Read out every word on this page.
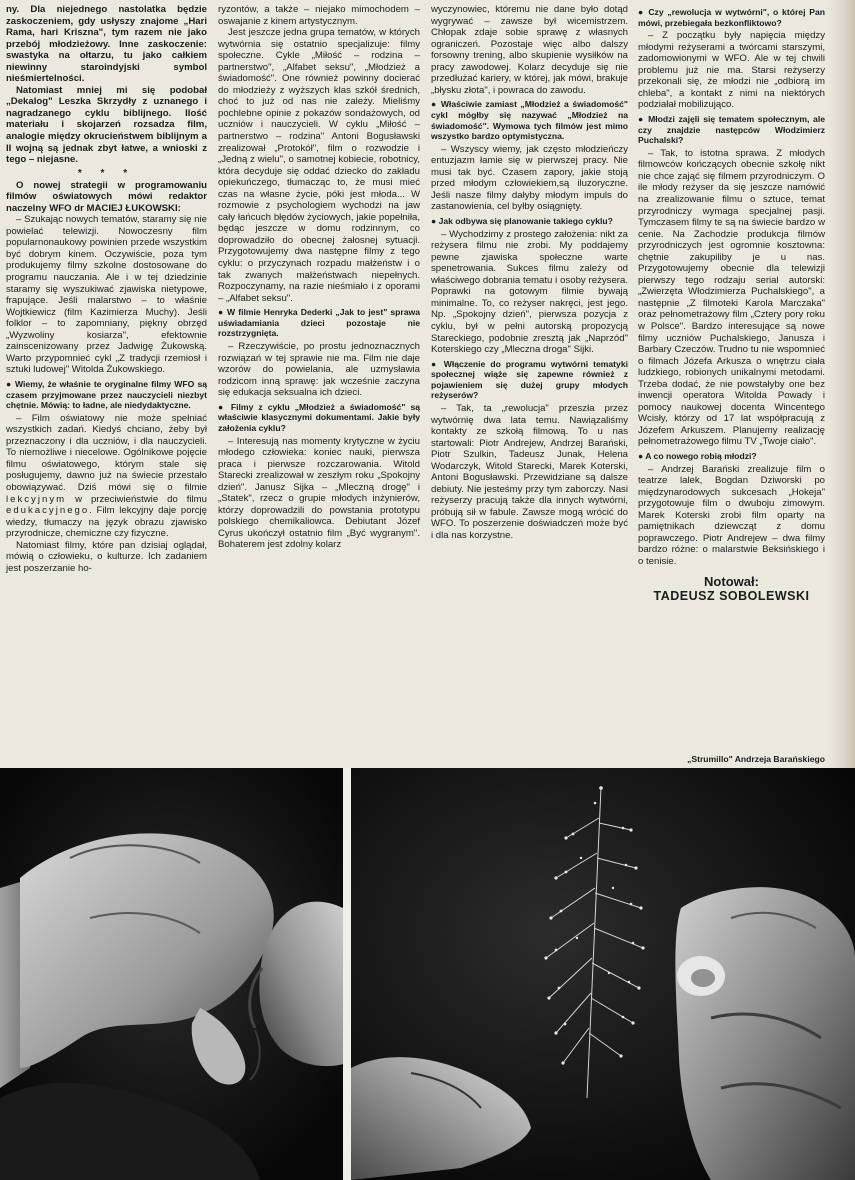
ny. Dla niejednego nastolatka będzie zaskoczeniem, gdy usłyszy znajome „Hari Rama, hari Kriszna", tym razem nie jako przebój młodzieżowy. Inne zaskoczenie: swastyka na ołtarzu, tu jako całkiem niewinny staroindyjski symbol nieśmiertelności.

Natomiast mniej mi się podobał „Dekalog" Leszka Skrzydły z uznanego i nagradzanego cyklu biblijnego. Ilość materiału i skojarzeń rozsadza film, analogie między okrucieństwem biblijnym a II wojną są jednak zbyt łatwe, a wnioski z tego – niejasne.

* * *

O nowej strategii w programowaniu filmów oświatowych mówi redaktor naczelny WFO dr MACIEJ ŁUKOWSKI:

– Szukając nowych tematów, staramy się nie powielać telewizji. Nowoczesny film popularnonaukowy powinien przede wszystkim być dobrym kinem. Oczywiście, poza tym produkujemy filmy szkolne dostosowane do programu nauczania. Ale i w tej dziedzinie staramy się wyszukiwać zjawiska nietypowe, frapujące. Jeśli malarstwo – to właśnie Wojtkiewicz (film Kazimierza Muchy). Jeśli folklor – to zapomniany, piękny obrzęd „Wyzwoliny kosiarza", efektownie zainscenizowany przez Jadwigę Żukowską. Warto przypomnieć cykl „Z tradycji rzemiosł i sztuki ludowej" Witolda Żukowskiego.

● Wiemy, że właśnie te oryginalne filmy WFO są czasem przyjmowane przez nauczycieli niezbyt chętnie. Mówią: to ładne, ale niedydaktyczne.

– Film oświatowy nie może spełniać wszystkich zadań. Kiedyś chciano, żeby był przeznaczony i dla uczniów, i dla nauczycieli. To niemożliwe i niecelowe. Ogólnikowe pojęcie filmu oświatowego, którym stale się posługujemy, dawno już na świecie przestało obowiązywać. Dziś mówi się o filmie lekcyjnym w przeciwieństwie do filmu edukacyjnego. Film lekcyjny daje porcję wiedzy, tłumaczy na język obrazu zjawisko przyrodnicze, chemiczne czy fizyczne.

Natomiast filmy, które pan dzisiaj oglądał, mówią o człowieku, o kulturze. Ich zadaniem jest poszerzanie ho-

ryzontów, a także – niejako mimochodem – oswajanie z kinem artystycznym.

Jest jeszcze jedna grupa tematów, w których wytwórnia się ostatnio specjalizuje: filmy społeczne. Cykle „Miłość – rodzina – partnerstwo", „Alfabet seksu", „Młodzież a świadomość". One również powinny docierać do młodzieży z wyższych klas szkół średnich, choć to już od nas nie zależy. Mieliśmy pochlebne opinie z pokazów sondażowych, od uczniów i nauczycieli. W cyklu „Miłość – partnerstwo – rodzina" Antoni Bogusławski zrealizował „Protokół", film o rozwodzie i „Jedną z wielu", o samotnej kobiecie, robotnicy, która decyduje się oddać dziecko do zakładu opiekuńczego, tłumacząc to, że musi mieć czas na własne życie, póki jest młoda... W rozmowie z psychologiem wychodzi na jaw cały łańcuch błędów życiowych, jakie popełniła, będąc jeszcze w domu rodzinnym, co doprowadziło do obecnej żałosnej sytuacji. Przygotowujemy dwa następne filmy z tego cyklu: o przyczynach rozpadu małżeństw i o tak zwanych małżeństwach niepełnych. Rozpoczynamy, na razie nieśmiało i z oporami – „Alfabet seksu".

● W filmie Henryka Dederki „Jak to jest" sprawa uświadamiania dzieci pozostaje nie rozstrzygnięta.

– Rzeczywiście, po prostu jednoznacznych rozwiązań w tej sprawie nie ma. Film nie daje wzorów do powielania, ale uzmysławia rodzicom inną sprawę: jak wcześnie zaczyna się edukacja seksualna ich dzieci.

● Filmy z cyklu „Młodzież a świadomość" są właściwie klasycznymi dokumentami. Jakie były założenia cyklu?

– Interesują nas momenty krytyczne w życiu młodego człowieka: koniec nauki, pierwsza praca i pierwsze rozczarowania. Witold Starecki zrealizował w zeszłym roku „Spokojny dzień". Janusz Sijka – „Mleczną drogę" i „Statek", rzecz o grupie młodych inżynierów, którzy doprowadzili do powstania prototypu polskiego chemikaliowca. Debiutant Józef Cyrus ukończył ostatnio film „Być wygranym". Bohaterem jest zdolny kolarz

wyczynowiec, któremu nie dane było dotąd wygrywać – zawsze był wicemistrzem. Chłopak zdaje sobie sprawę z własnych ograniczeń. Pozostaje więc albo dalszy forsowny trening, albo skupienie wysiłków na pracy zawodowej. Kolarz decyduje się nie przedłużać kariery, w której, jak mówi, brakuje „błysku złota", i powraca do zawodu.

● Właściwie zamiast „Młodzież a świadomość" cykl mógłby się nazywać „Młodzież na świadomość". Wymowa tych filmów jest mimo wszystko bardzo optymistyczna.

– Wszyscy wiemy, jak często młodzieńczy entuzjazm łamie się w pierwszej pracy. Nie musi tak być. Czasem zapory, jakie stoją przed młodym człowiekiem,są iluzoryczne. Jeśli nasze filmy dałyby młodym impuls do zastanowienia, cel byłby osiągnięty.

● Jak odbywa się planowanie takiego cyklu?

– Wychodzimy z prostego założenia: nikt za reżysera filmu nie zrobi. My poddajemy pewne zjawiska społeczne warte spenetrowania. Sukces filmu zależy od właściwego dobrania tematu i osoby reżysera. Poprawki na gotowym filmie bywają minimalne. To, co reżyser nakręci, jest jego. Np. „Spokojny dzień", pierwsza pozycja z cyklu, był w pełni autorską propozycją Stareckiego, podobnie zresztą jak „Naprzód" Koterskiego czy „Mleczna droga" Sijki.

● Włączenie do programu wytwórni tematyki społecznej wiąże się zapewne również z pojawieniem się dużej grupy młodych reżyserów?

– Tak, ta „rewolucja" przeszła przez wytwórnię dwa lata temu. Nawiązaliśmy kontakty ze szkołą filmową. To u nas startowali: Piotr Andrejew, Andrzej Barański, Piotr Szulkin, Tadeusz Junak, Helena Wodarczyk, Witold Starecki, Marek Koterski, Antoni Bogusławski. Przewidziane są dalsze debiuty. Nie jesteśmy przy tym zaborczy. Nasi reżyserzy pracują także dla innych wytwórni, próbują sił w fabule. Zawsze mogą wrócić do WFO. To poszerzenie doświadczeń może być i dla nas korzystne.

● Czy „rewolucja w wytwórni", o której Pan mówi, przebiegała bezkonfliktowo?

– Z początku były napięcia między młodymi reżyserami a twórcami starszymi, zadomowionymi w WFO. Ale w tej chwili problemu już nie ma. Starsi reżyserzy przekonali się, że młodzi nie „odbiorą im chleba", a kontakt z nimi na niektórych podziałał mobilizująco.

● Młodzi zajęli się tematem społecznym, ale czy znajdzie następców Włodzimierz Puchalski?

– Tak, to istotna sprawa. Z młodych filmowców kończących obecnie szkołę nikt nie chce zająć się filmem przyrodniczym. O ile młody reżyser da się jeszcze namówić na zrealizowanie filmu o sztuce, temat przyrodniczy wymaga specjalnej pasji. Tymczasem filmy te są na świecie bardzo w cenie. Na Zachodzie produkcja filmów przyrodniczych jest ogromnie kosztowna: chętnie zakupiliby je u nas. Przygotowujemy obecnie dla telewizji pierwszy tego rodzaju serial autorski: „Zwierzęta Włodzimierza Puchalskiego", a następnie „Z filmoteki Karola Marczaka" oraz pełnometrażowy film „Cztery pory roku w Polsce". Bardzo interesujące są nowe filmy uczniów Puchalskiego, Janusza i Barbary Czeczów. Trudno tu nie wspomnieć o filmach Józefa Arkusza o wnętrzu ciała ludzkiego, robionych unikalnymi metodami. Trzeba dodać, że nie powstałyby one bez inwencji operatora Witolda Powady i pomocy naukowej docenta Wincentego Wcisły, którzy od 17 lat współpracują z Józefem Arkuszem. Planujemy realizację pełnometrażowego filmu TV „Twoje ciało".

● A co nowego robią młodzi?

– Andrzej Barański zrealizuje film o teatrze lalek, Bogdan Dziworski po międzynarodowych sukcesach „Hokeja" przygotowuje film o dwuboju zimowym. Marek Koterski zrobi film oparty na pamiętnikach dziewcząt z domu poprawczego. Piotr Andrejew – dwa filmy bardzo różne: o malarstwie Beksińskiego i o tenisie.

Notował:
TADEUSZ SOBOLEWSKI
„Strumillo" Andrzeja Barańskiego
